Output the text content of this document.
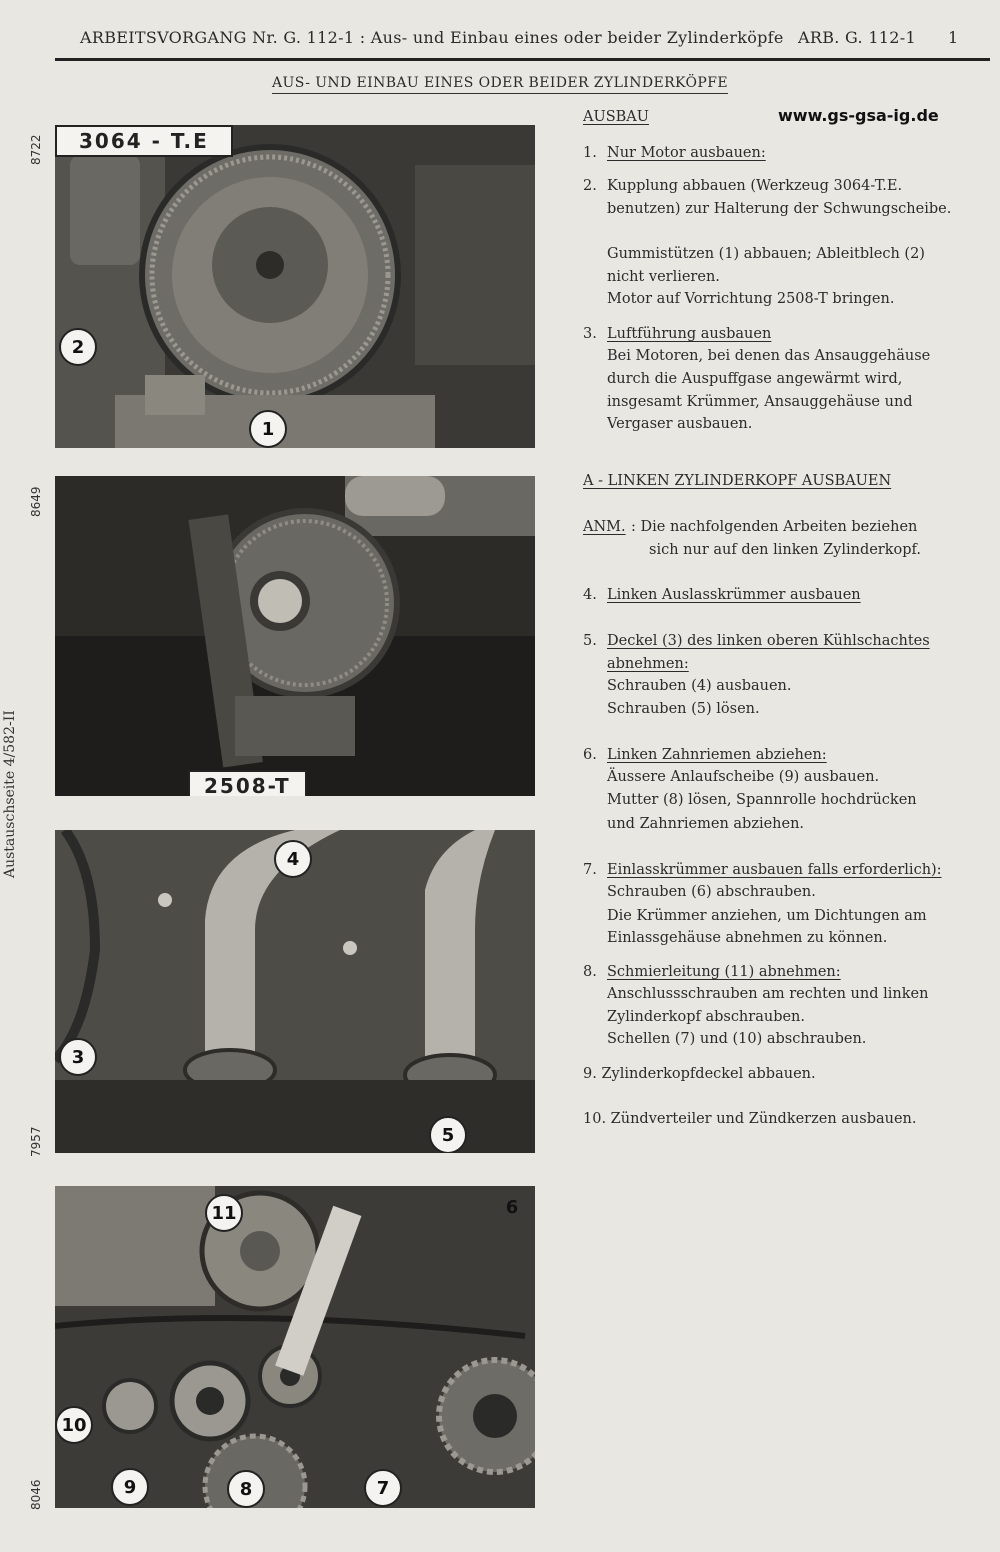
ARBEITSVORGANG Nr. G. 112-1 : Aus- und Einbau eines oder beider Zylinderköpfe ARB. G. 112-1 1
AUS- UND EINBAU EINES ODER BEIDER ZYLINDERKÖPFE
www.gs-gsa-ig.de
Austauschseite 4/582-II
8722
8649
7957
8046
3064 - T.E
2
1
2508-T
4
3
5
11	6
10
9	8	7
AUSBAU
1. Nur Motor ausbauen:
2. Kupplung abbauen (Werkzeug 3064-T.E.
benutzen) zur Halterung der Schwungscheibe.
Gummistützen (1) abbauen; Ableitblech (2)
nicht verlieren.
Motor auf Vorrichtung 2508-T bringen.
3. Luftführung ausbauen
Bei Motoren, bei denen das Ansauggehäuse
durch die Auspuffgase angewärmt wird,
insgesamt Krümmer, Ansauggehäuse und
Vergaser ausbauen.
A - LINKEN ZYLINDERKOPF AUSBAUEN
ANM. : Die nachfolgenden Arbeiten beziehen
sich nur auf den linken Zylinderkopf.
4. Linken Auslasskrümmer ausbauen
5. Deckel (3) des linken oberen Kühlschachtes
abnehmen:
Schrauben (4) ausbauen.
Schrauben (5) lösen.
6. Linken Zahnriemen abziehen:
Äussere Anlaufscheibe (9) ausbauen.
Mutter (8) lösen, Spannrolle hochdrücken
und Zahnriemen abziehen.
7. Einlasskrümmer ausbauen falls erforderlich):
Schrauben (6) abschrauben.
Die Krümmer anziehen, um Dichtungen am
Einlassgehäuse abnehmen zu können.
8. Schmierleitung (11) abnehmen:
Anschlussschrauben am rechten und linken
Zylinderkopf abschrauben.
Schellen (7) und (10) abschrauben.
9. Zylinderkopfdeckel abbauen.
10. Zündverteiler und Zündkerzen ausbauen.
